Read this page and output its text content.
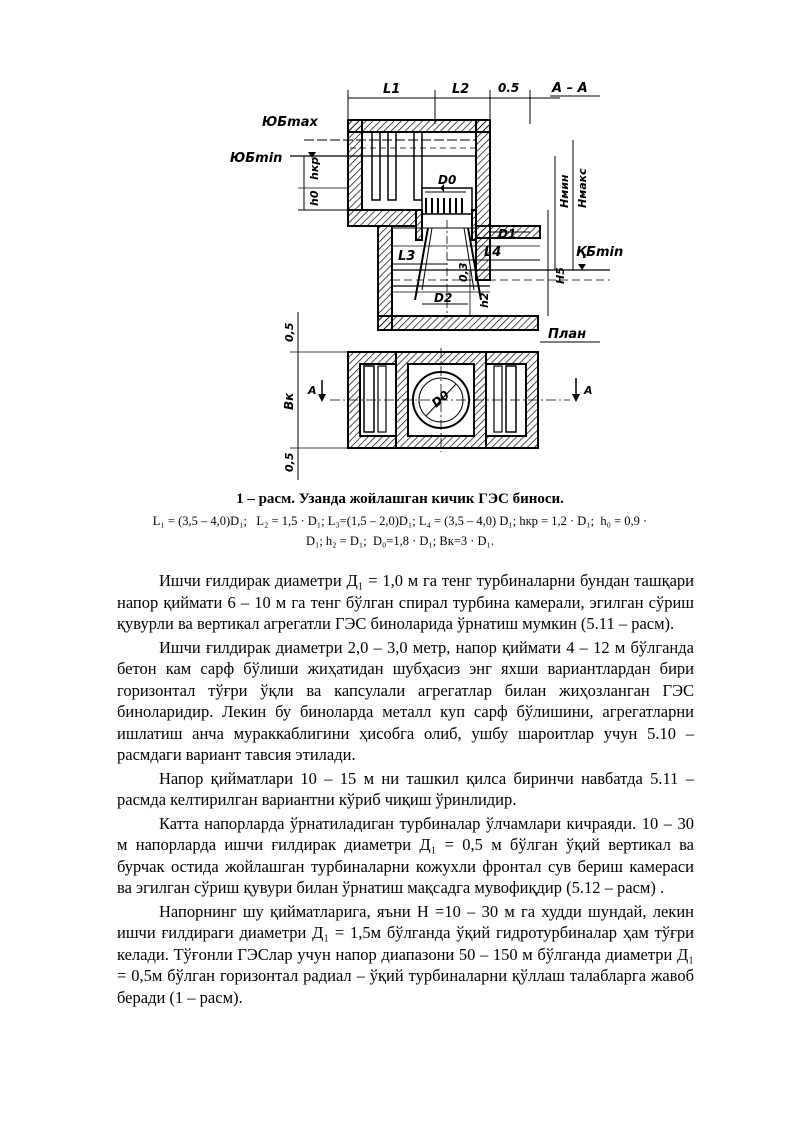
L1	L2 0.5	А – А
ЮБmax
ЮБmin hкр
h0
D0
D1
L3	L4	ҚБmin
0,3
h2
D2
Hмин Hмакс
H5
План
0,5
Bк
0,5
D0
А	А
1 – расм. Узанда жойлашган кичик ГЭС биноси.
L₁ = (3,5 – 4,0)D₁; L₂ = 1,5 · D₁; L₃=(1,5 – 2,0)D₁; L₄ = (3,5 – 4,0) D₁; hкр = 1,2 · D₁; h₀ = 0,9 ·
D₁; h₂ = D₁; D₀=1,8 · D₁; Bк=3 · D₁.

Ишчи ғилдирак диаметри Д₁ = 1,0 м га тенг турбиналарни бундан ташқари напор қиймати 6 – 10 м га тенг бўлган спирал турбина камерали, эгилган сўриш қувурли ва вертикал агрегатли ГЭС биноларида ўрнатиш мумкин (5.11 – расм).

Ишчи ғилдирак диаметри 2,0 – 3,0 метр, напор қиймати 4 – 12 м бўлганда бетон кам сарф бўлиши жиҳатидан шубҳасиз энг яхши вариантлардан бири горизонтал тўғри ўқли ва капсулали агрегатлар билан жиҳозланган ГЭС биноларидир. Лекин бу биноларда металл куп сарф бўлишини, агрегатларни ишлатиш анча мураккаблигини ҳисобга олиб, ушбу шароитлар учун 5.10 – расмдаги вариант тавсия этилади.

Напор қийматлари 10 – 15 м ни ташкил қилса биринчи навбатда 5.11 – расмда келтирилган вариантни кўриб чиқиш ўринлидир.

Катта напорларда ўрнатиладиган турбиналар ўлчамлари кичраяди. 10 – 30 м напорларда ишчи ғилдирак диаметри Д₁ = 0,5 м бўлган ўқий вертикал ва бурчак остида жойлашган турбиналарни кожухли фронтал сув бериш камераси ва эгилган сўриш қувури билан ўрнатиш мақсадга мувофиқдир (5.12 – расм) .

Напорнинг шу қийматларига, яъни Н =10 – 30 м га худди шундай, лекин ишчи ғилдираги диаметри Д₁ = 1,5м бўлганда ўқий гидротурбиналар ҳам тўғри келади. Тўғонли ГЭСлар учун напор диапазони 50 – 150 м бўлганда диаметри Д₁ = 0,5м бўлган горизонтал радиал – ўқий турбиналарни қўллаш талабларга жавоб беради (1 – расм).
